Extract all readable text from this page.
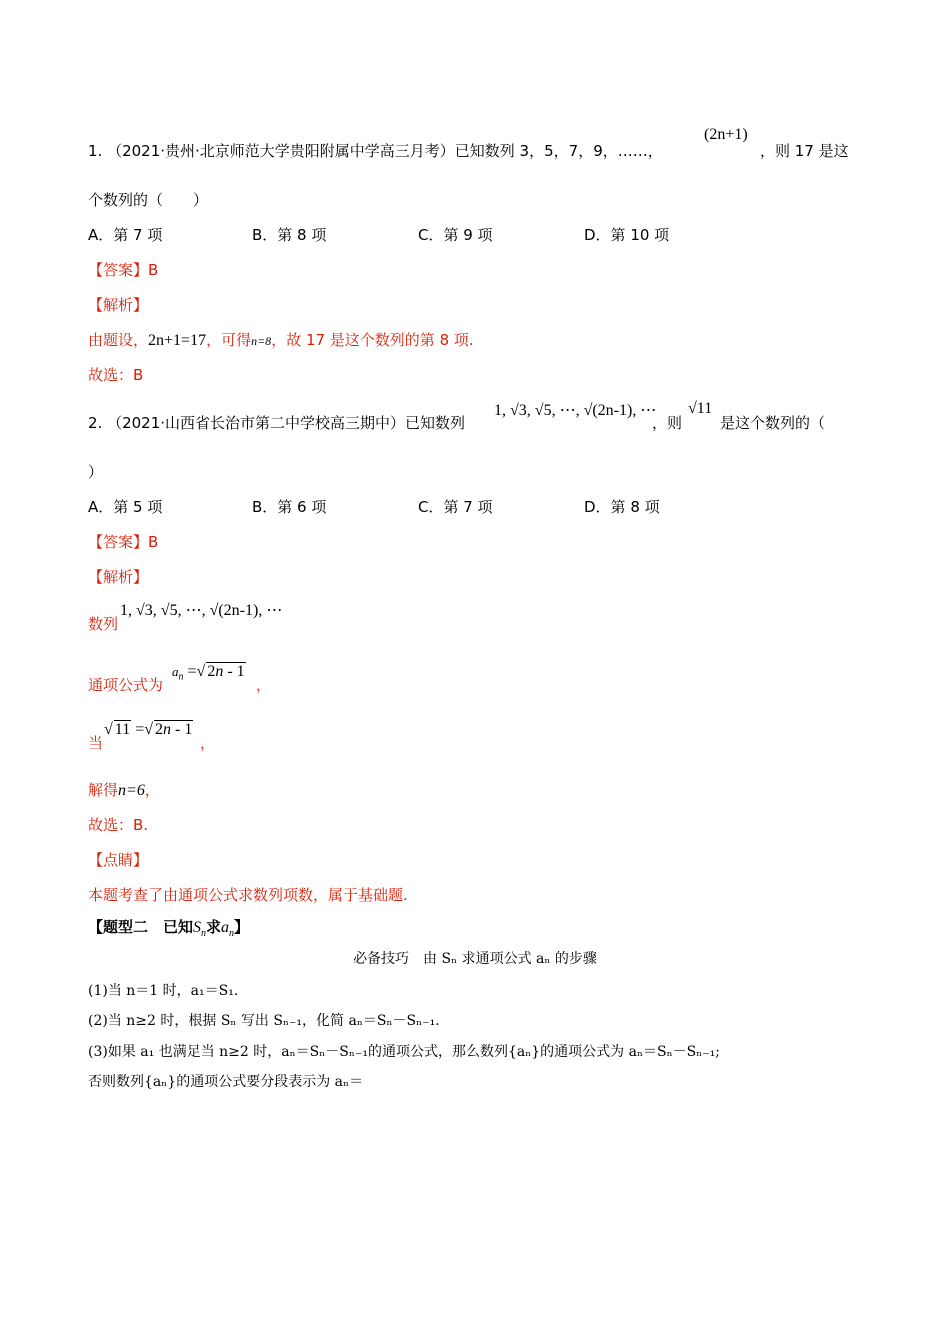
1. （2021·贵州·北京师范大学贵阳附属中学高三月考）已知数列 3，5，7，9，……，
(2n+1)
，则 17 是这
个数列的（　　）
A．第 7 项	B．第 8 项	C．第 9 项	D．第 10 项
【答案】B
【解析】
由题设，2n+1=17，可得n=8，故 17 是这个数列的第 8 项.
故选：B
2. （2021·山西省长治市第二中学校高三期中）已知数列
1, √3, √5, ⋯, √(2n-1), ⋯
，则
√11
是这个数列的（
）
A．第 5 项	B．第 6 项	C．第 7 项	D．第 8 项
【答案】B
【解析】
数列
1, √3, √5, ⋯, √(2n-1), ⋯
通项公式为
$a_n$ =√ 2n - 1
，
当
√ 11 =√ 2n - 1
，
解得n=6，
故选：B.
【点睛】
本题考查了由通项公式求数列项数，属于基础题.
【题型二　已知$S_n$求$a_n$】
必备技巧　由 Sₙ 求通项公式 aₙ 的步骤
(1)当 n＝1 时，a₁＝S₁.
(2)当 n≥2 时，根据 Sₙ 写出 Sₙ₋₁，化简 aₙ＝Sₙ－Sₙ₋₁.
(3)如果 a₁ 也满足当 n≥2 时，aₙ＝Sₙ－Sₙ₋₁的通项公式，那么数列{aₙ}的通项公式为 aₙ＝Sₙ－Sₙ₋₁;
否则数列{aₙ}的通项公式要分段表示为 aₙ＝
